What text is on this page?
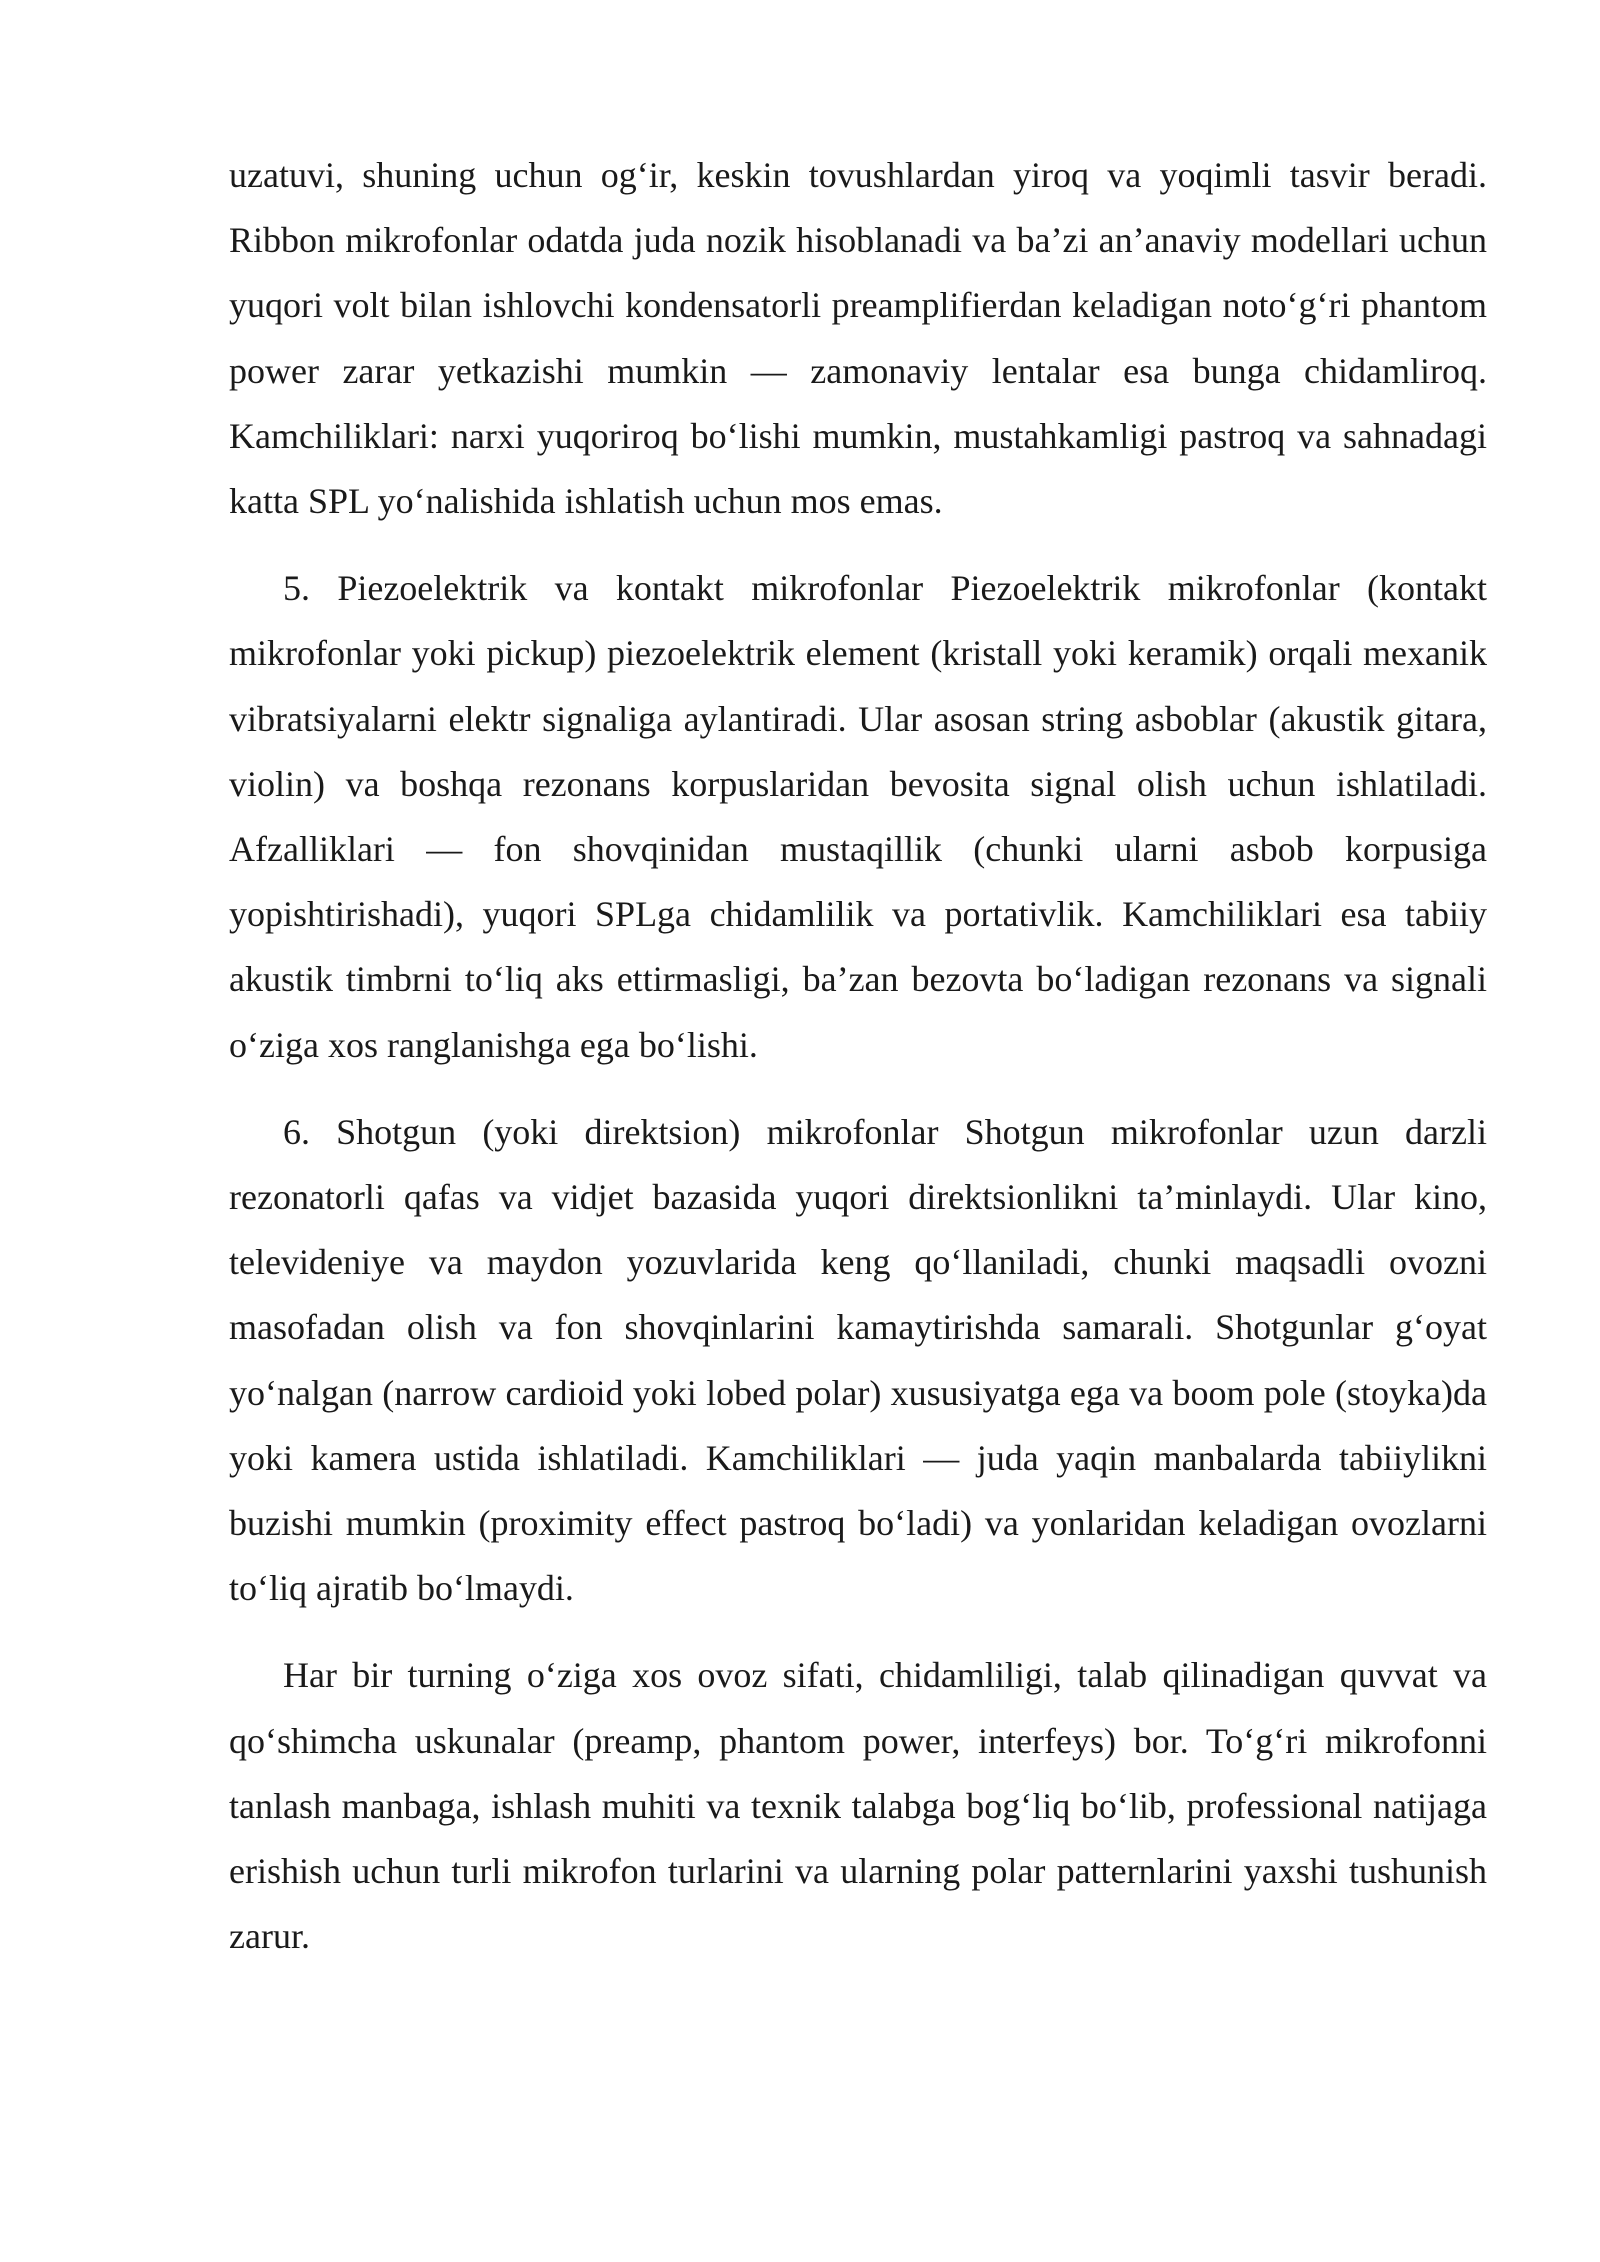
uzatuvi, shuning uchun og‘ir, keskin tovushlardan yiroq va yoqimli tasvir beradi. Ribbon mikrofonlar odatda juda nozik hisoblanadi va ba’zi an’anaviy modellari uchun yuqori volt bilan ishlovchi kondensatorli preamplifierdan keladigan noto‘g‘ri phantom power zarar yetkazishi mumkin — zamonaviy lentalar esa bunga chidamliroq. Kamchiliklari: narxi yuqoriroq bo‘lishi mumkin, mustahkamligi pastroq va sahnadagi katta SPL yo‘nalishida ishlatish uchun mos emas.

5. Piezoelektrik va kontakt mikrofonlar Piezoelektrik mikrofonlar (kontakt mikrofonlar yoki pickup) piezoelektrik element (kristall yoki keramik) orqali mexanik vibratsiyalarni elektr signaliga aylantiradi. Ular asosan string asboblar (akustik gitara, violin) va boshqa rezonans korpuslaridan bevosita signal olish uchun ishlatiladi. Afzalliklari — fon shovqinidan mustaqillik (chunki ularni asbob korpusiga yopishtirishadi), yuqori SPLga chidamlilik va portativlik. Kamchiliklari esa tabiiy akustik timbrni to‘liq aks ettirmasligi, ba’zan bezovta bo‘ladigan rezonans va signali o‘ziga xos ranglanishga ega bo‘lishi.

6. Shotgun (yoki direktsion) mikrofonlar Shotgun mikrofonlar uzun darzli rezonatorli qafas va vidjet bazasida yuqori direktsionlikni ta’minlaydi. Ular kino, televideniye va maydon yozuvlarida keng qo‘llaniladi, chunki maqsadli ovozni masofadan olish va fon shovqinlarini kamaytirishda samarali. Shotgunlar g‘oyat yo‘nalgan (narrow cardioid yoki lobed polar) xususiyatga ega va boom pole (stoyka)da yoki kamera ustida ishlatiladi. Kamchiliklari — juda yaqin manbalarda tabiiylikni buzishi mumkin (proximity effect pastroq bo‘ladi) va yonlaridan keladigan ovozlarni to‘liq ajratib bo‘lmaydi.

Har bir turning o‘ziga xos ovoz sifati, chidamliligi, talab qilinadigan quvvat va qo‘shimcha uskunalar (preamp, phantom power, interfeys) bor. To‘g‘ri mikrofonni tanlash manbaga, ishlash muhiti va texnik talabga bog‘liq bo‘lib, professional natijaga erishish uchun turli mikrofon turlarini va ularning polar patternlarini yaxshi tushunish zarur.
